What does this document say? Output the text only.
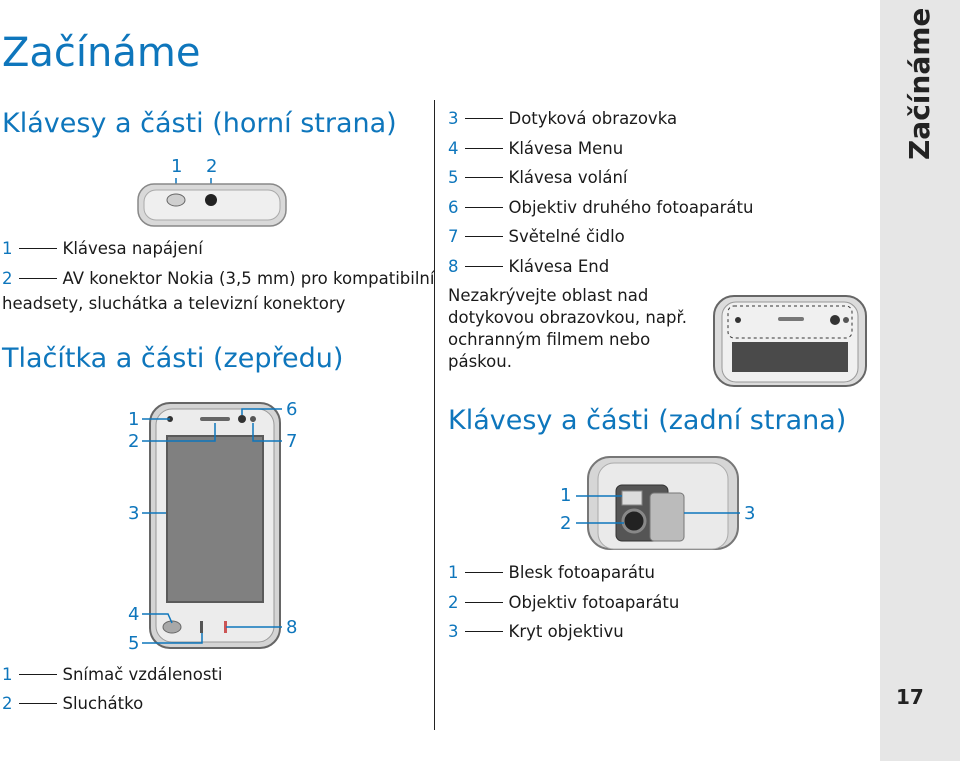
Začínáme
17
Začínáme
Klávesy a části (horní strana)
1 2
1	Klávesa napájení
2	AV konektor Nokia (3,5 mm) pro kompatibilní
headsety, sluchátka a televizní konektory
Tlačítka a části (zepředu)
1
2
3
4
5
6
7
8
1	Snímač vzdálenosti
2	Sluchátko
3	Dotyková obrazovka
4	Klávesa Menu
5	Klávesa volání
6	Objektiv druhého fotoaparátu
7	Světelné čidlo
8	Klávesa End
Nezakrývejte oblast nad
dotykovou obrazovkou, např.
ochranným filmem nebo
páskou.
Klávesy a části (zadní strana)
1
2	3
1	Blesk fotoaparátu
2	Objektiv fotoaparátu
3	Kryt objektivu
